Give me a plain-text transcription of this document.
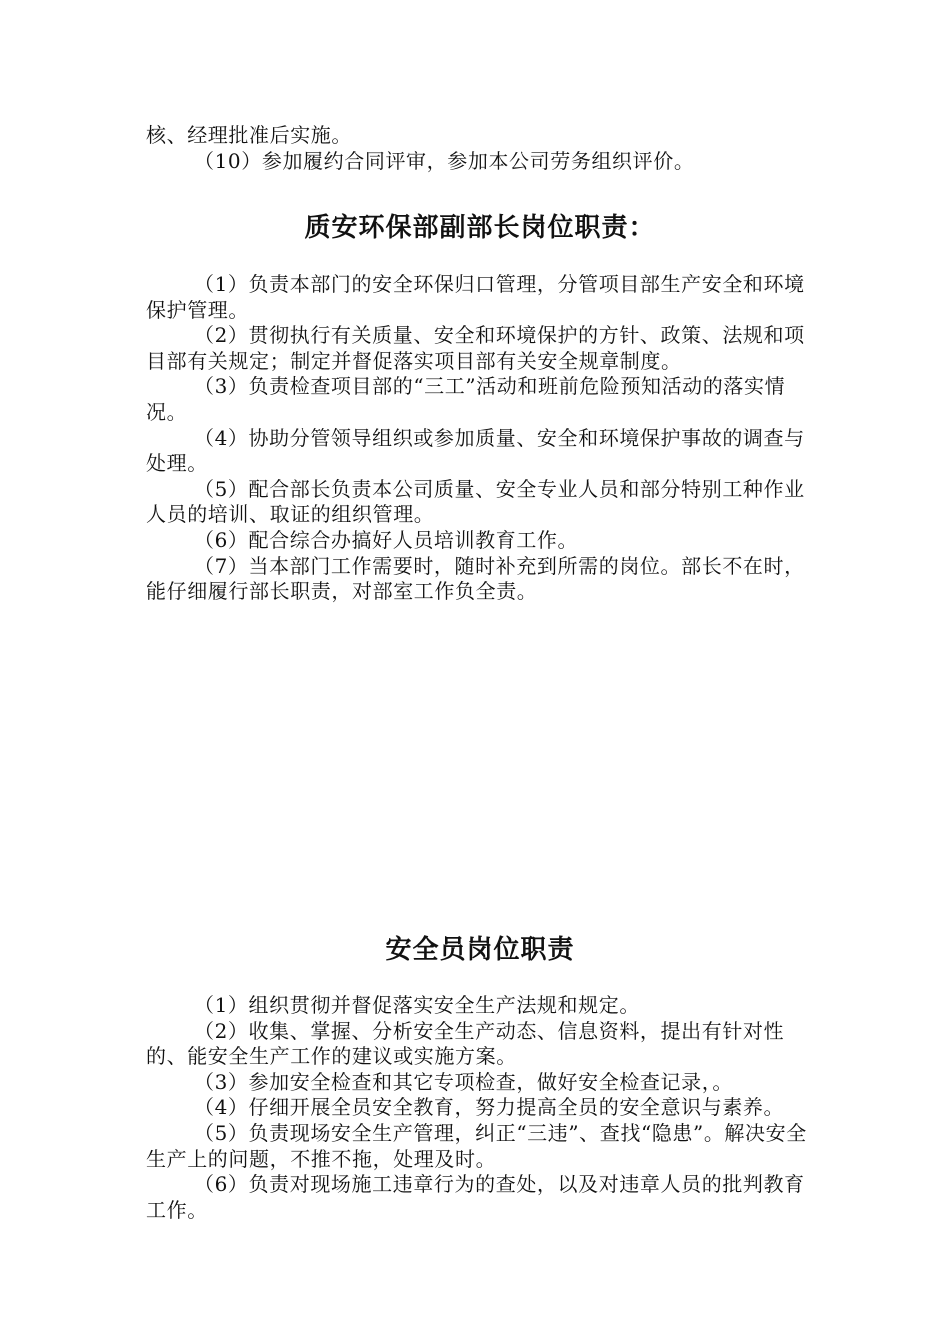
核、经理批准后实施。

（10）参加履约合同评审，参加本公司劳务组织评价。

质安环保部副部长岗位职责：

（1）负责本部门的安全环保归口管理，分管项目部生产安全和环境保护管理。

（2）贯彻执行有关质量、安全和环境保护的方针、政策、法规和项目部有关规定；制定并督促落实项目部有关安全规章制度。

（3）负责检查项目部的“三工”活动和班前危险预知活动的落实情况。

（4）协助分管领导组织或参加质量、安全和环境保护事故的调查与处理。

（5）配合部长负责本公司质量、安全专业人员和部分特别工种作业人员的培训、取证的组织管理。

（6）配合综合办搞好人员培训教育工作。

（7）当本部门工作需要时，随时补充到所需的岗位。部长不在时，能仔细履行部长职责，对部室工作负全责。

安全员岗位职责

（1）组织贯彻并督促落实安全生产法规和规定。

（2）收集、掌握、分析安全生产动态、信息资料，提出有针对性的、能安全生产工作的建议或实施方案。

（3）参加安全检查和其它专项检查，做好安全检查记录，。

（4）仔细开展全员安全教育，努力提高全员的安全意识与素养。

（5）负责现场安全生产管理，纠正“三违”、查找“隐患”。解决安全生产上的问题，不推不拖，处理及时。

（6）负责对现场施工违章行为的查处，以及对违章人员的批判教育工作。
